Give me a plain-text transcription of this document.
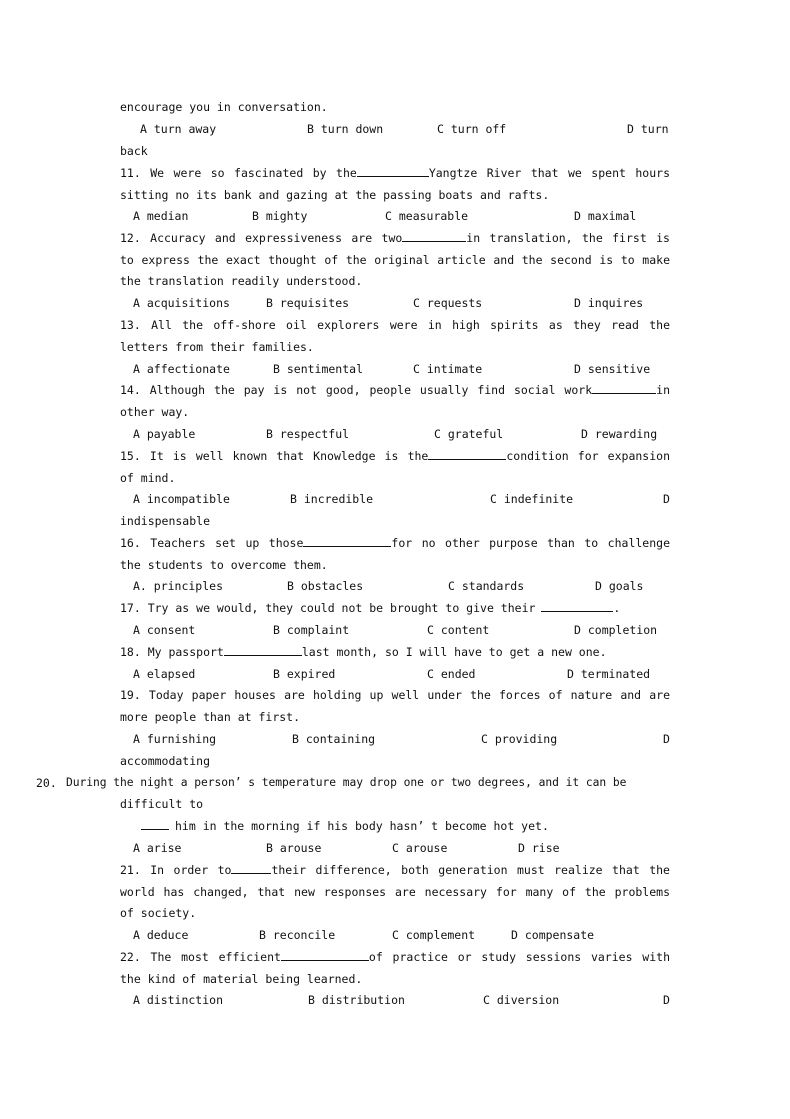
encourage you in conversation.
A turn away	B turn down	C turn off	D turn
back
11. We were so fascinated by the	Yangtze River that we spent hours
sitting no its bank and gazing at the passing boats and rafts.
A median	B mighty	C measurable	D maximal
12. Accuracy and expressiveness are two	in translation, the first is
to express the exact thought of the original article and the second is to make
the translation readily understood.
A acquisitions	B requisites	C requests	D inquires
13. All the off-shore oil explorers were in high spirits as they read the
letters from their families.
A affectionate	B sentimental	C intimate	D sensitive
14. Although the pay is not good, people usually find social work	in
other way.
A payable	B respectful	C grateful	D rewarding
15. It is well known that Knowledge is the	condition for expansion
of mind.
A incompatible	B incredible	C indefinite	D
indispensable
16. Teachers set up those	for no other purpose than to challenge
the students to overcome them.
A. principles	B obstacles	C standards	D goals
17. Try as we would, they could not be brought to give their	.
A consent	B complaint	C content	D completion
18. My passport	last month, so I will have to get a new one.
A elapsed	B expired	C ended	D terminated
19. Today paper houses are holding up well under the forces of nature and are
more people than at first.
A furnishing	B containing	C providing	D
accommodating
20. During the night a person’ s temperature may drop one or two degrees, and it can be
difficult to
him in the morning if his body hasn’ t become hot yet.
A arise	B arouse	C arouse	D rise
21. In order to	their difference, both generation must realize that the
world has changed, that new responses are necessary for many of the problems
of society.
A deduce	B reconcile	C complement	D compensate
22. The most efficient	of practice or study sessions varies with
the kind of material being learned.
A distinction	B distribution	C diversion	D
